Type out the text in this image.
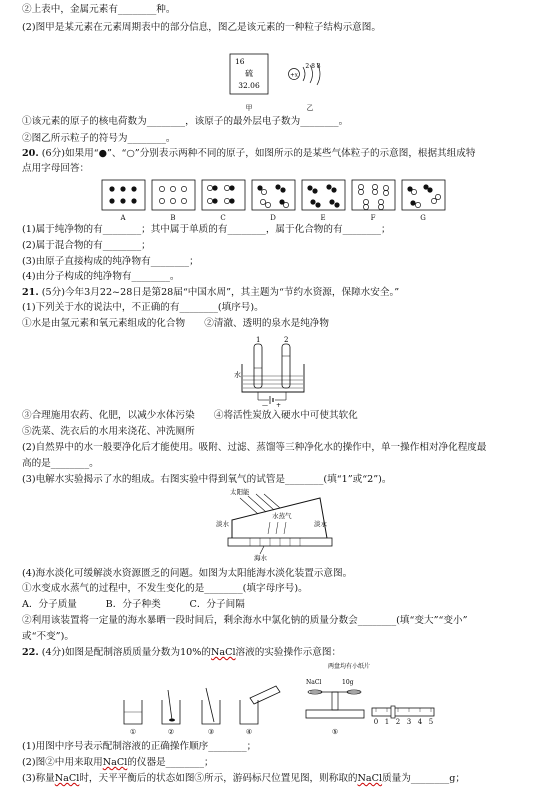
②上表中，金属元素有________种。
(2)图甲是某元素在元素周期表中的部分信息，图乙是该元素的一种粒子结构示意图。
16
硫
32.06
+x
2 8 8
甲	乙
①该元素的原子的核电荷数为________，该原子的最外层电子数为________。
②图乙所示粒子的符号为________。
20. (6分)如果用“●”、“○”分别表示两种不同的原子，如图所示的是某些气体粒子的示意图，根据其组成特
点用字母回答：
A	B	C	D	E	F	G
(1)属于纯净物的有________；其中属于单质的有________，属于化合物的有________；
(2)属于混合物的有________；
(3)由原子直接构成的纯净物有________；
(4)由分子构成的纯净物有________。
21. (5分)今年3月22~28日是第28届“中国水周”，其主题为“节约水资源，保障水安全。”
(1)下列关于水的说法中，不正确的有________(填序号)。
①水是由氢元素和氧元素组成的化合物　　②清澈、透明的泉水是纯净物
1	2
水
— +
③合理施用农药、化肥，以减少水体污染　　④将活性炭放入硬水中可使其软化
⑤洗菜、洗衣后的水用来浇花、冲洗厕所
(2)自然界中的水一般要净化后才能使用。吸附、过滤、蒸馏等三种净化水的操作中，单一操作相对净化程度最
高的是________。
(3)电解水实验揭示了水的组成。右图实验中得到氧气的试管是________(填“1”或“2”)。
太阳能
淡水
水蒸气
淡水
海水
(4)海水淡化可缓解淡水资源匮乏的问题。如图为太阳能海水淡化装置示意图。
①水变成水蒸气的过程中，不发生变化的是________(填字母序号)。
A．分子质量　　　B．分子种类　　　C．分子间隔
②利用该装置将一定量的海水暴晒一段时间后，剩余海水中氯化钠的质量分数会________(填“变大”“变小”
或“不变”)。
22. (4分)如图是配制溶质质量分数为10%的NaCl溶液的实验操作示意图：
①	②	③	④
两盘均有小纸片
NaCl	10g
⑤
0 1 2 3 4 5
(1)用图中序号表示配制溶液的正确操作顺序________；
(2)图②中用来取用NaCl的仪器是________；
(3)称量NaCl时，天平平衡后的状态如图⑤所示，游码标尺位置见图，则称取的NaCl质量为________g；
